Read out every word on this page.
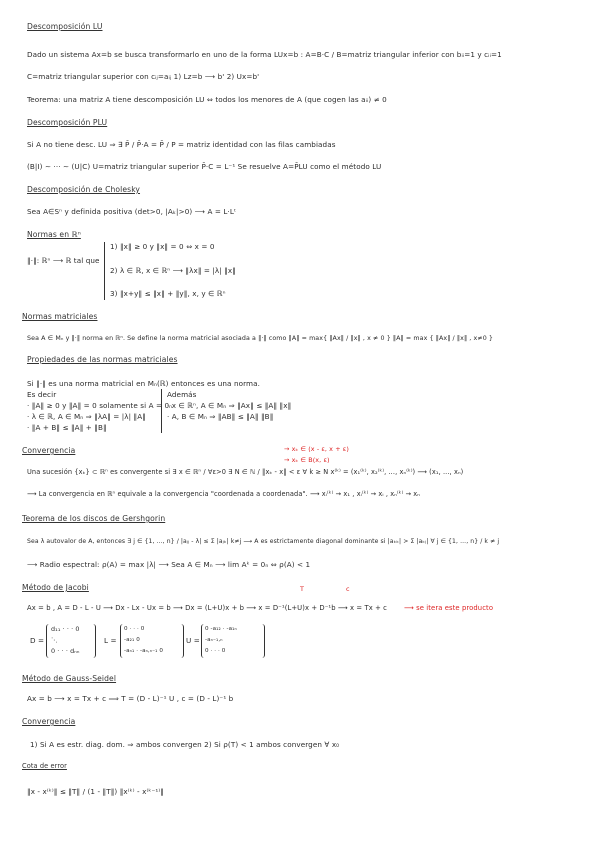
Descomposición LU
Dado un sistema Ax=b se busca transformarlo en uno de la forma LUx=b : A=B·C / B=matriz triangular inferior con bᵢᵢ=1 y cᵢᵢ=1
C=matriz triangular superior con cᵢⱼ=aᵢⱼ 1) Lz=b ⟶ b' 2) Ux=b'
Teorema: una matriz A tiene descomposición LU ⇔ todos los menores de A (que cogen las aᵢᵢ) ≠ 0
Descomposición PLU
Si A no tiene desc. LU ⇒ ∃ P̄ / P̄·A = P̄ / P = matriz identidad con las filas cambiadas
(B|I) ∼ ··· ∼ (U|C) U=matriz triangular superior P̄·C = L⁻¹ Se resuelve A=P̄LU como el método LU
Descomposición de Cholesky
Sea A∈Sⁿ y definida positiva (det>0, |Aₖ|>0) ⟶ A = L·Lᵗ
Normas en ℝⁿ
‖·‖: ℝⁿ ⟶ ℝ tal que
1) ‖x‖ ≥ 0 y ‖x‖ = 0 ⇔ x = 0
2) λ ∈ ℝ, x ∈ ℝⁿ ⟶ ‖λx‖ = |λ| ‖x‖
3) ‖x+y‖ ≤ ‖x‖ + ‖y‖, x, y ∈ ℝⁿ
Normas matriciales
Sea A ∈ Mₙ y ‖·‖ norma en ℝⁿ. Se define la norma matricial asociada a ‖·‖ como ‖A‖ = max{ ‖Ax‖ / ‖x‖ , x ≠ 0 } ‖A‖ = max { ‖Ax‖ / ‖x‖ , x≠0 }
Propiedades de las normas matriciales
Si ‖·‖ es una norma matricial en Mₙ(ℝ) entonces es una norma.
Es decir
· ‖A‖ ≥ 0 y ‖A‖ = 0 solamente si A = 0ₙ
· λ ∈ ℝ, A ∈ Mₙ ⇒ ‖λA‖ = |λ| ‖A‖
· ‖A + B‖ ≤ ‖A‖ + ‖B‖
Además
· x ∈ ℝⁿ, A ∈ Mₙ ⇒ ‖Ax‖ ≤ ‖A‖ ‖x‖
· A, B ∈ Mₙ ⇒ ‖AB‖ ≤ ‖A‖ ‖B‖
Convergencia	→ xₖ ∈ (x - ε, x + ε)
→ xₖ ∈ B(x, ε)
Una sucesión {xₖ} ⊂ ℝⁿ es convergente si ∃ x ∈ ℝⁿ / ∀ε>0 ∃ N ∈ ℕ / ‖xₖ - x‖ < ε ∀ k ≥ N x⁽ᵏ⁾ = (x₁⁽ᵏ⁾, x₂⁽ᵏ⁾, ..., xₙ⁽ᵏ⁾) ⟶ (x₁, ..., xₙ)
⟶ La convergencia en ℝⁿ equivale a la convergencia "coordenada a coordenada". ⟶ xᵢ⁽ᵏ⁾ → x₁ , xᵢ⁽ᵏ⁾ → xᵢ , xₙ⁽ᵏ⁾ → xₙ
Teorema de los discos de Gershgorin
Sea λ autovalor de A, entonces ∃ j ∈ {1, ..., n} / |aⱼⱼ - λ| ≤ Σ |aⱼₖ| k≠j ⟶ A es estrictamente diagonal dominante si |aₖₖ| > Σ |aₖⱼ| ∀ j ∈ {1, ..., n} / k ≠ j
⟶ Radio espectral: ρ(A) = max |λ| ⟶ Sea A ∈ Mₙ ⟶ lim Aᵏ = 0ₙ ⇔ ρ(A) < 1
Método de Jacobi	T	c
Ax = b , A = D - L - U ⟶ Dx - Lx - Ux = b ⟶ Dx = (L+U)x + b ⟶ x = D⁻¹(L+U)x + D⁻¹b ⟶ x = Tx + c	⟶ se itera este producto
D =
d₁₁ · · · 0
⋱
0 · · · dₙₙ
L =
0 · · · 0
-a₂₁ 0
-aₙ₁ · -aₙ,ₙ₋₁ 0
U =
0 -a₁₂ · -a₁ₙ
-aₙ₋₁,ₙ
0 · · · 0
Método de Gauss-Seidel
Ax = b ⟶ x = Tx + c ⟹ T = (D - L)⁻¹ U , c = (D - L)⁻¹ b
Convergencia
1) Si A es estr. diag. dom. ⇒ ambos convergen 2) Si ρ(T) < 1 ambos convergen ∀ x₀
Cota de error
‖x - x⁽ᵏ⁾‖ ≤ ‖T‖ / (1 - ‖T‖) ‖x⁽ᵏ⁾ - x⁽ᵏ⁻¹⁾‖
